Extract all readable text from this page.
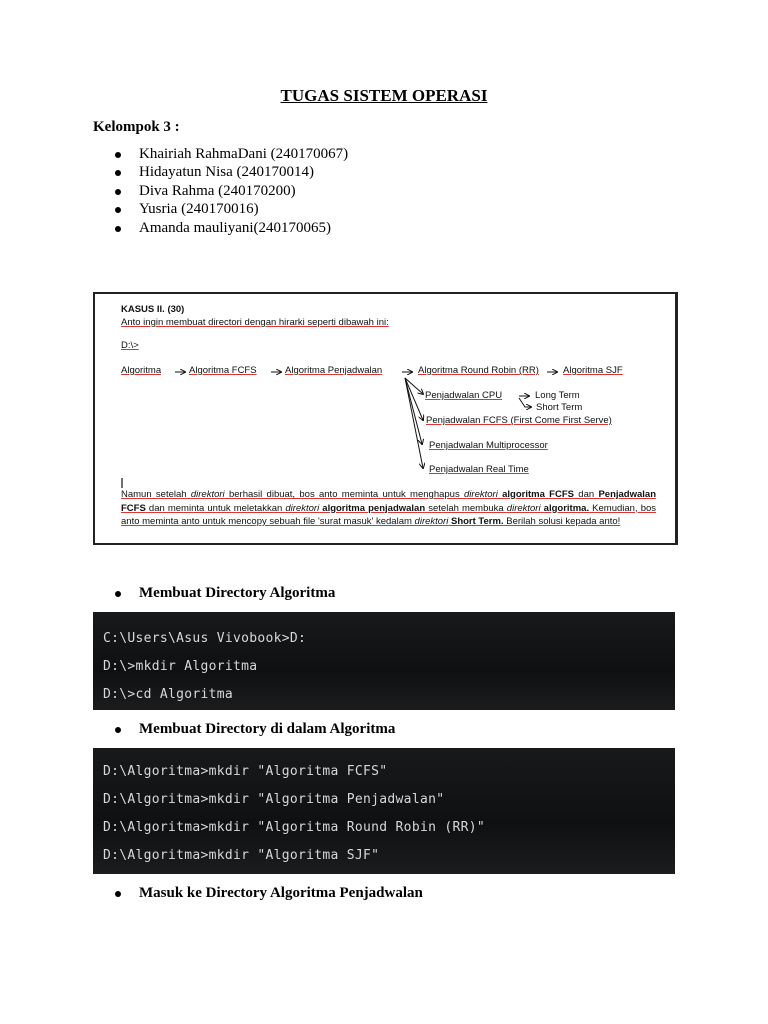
TUGAS SISTEM OPERASI
Kelompok 3 :
Khairiah RahmaDani (240170067)
Hidayatun Nisa (240170014)
Diva Rahma (240170200)
Yusria (240170016)
Amanda mauliyani(240170065)
KASUS II. (30)
Anto ingin membuat directori dengan hirarki seperti dibawah ini:
D:\>
Algoritma	Algoritma FCFS	Algoritma Penjadwalan	Algoritma Round Robin (RR)	Algoritma SJF
Penjadwalan CPU	Long Term
Short Term
Penjadwalan FCFS (First Come First Serve)
Penjadwalan Multiprocessor
Penjadwalan Real Time
Namun setelah direktori berhasil dibuat, bos anto meminta untuk menghapus direktori algoritma FCFS dan Penjadwalan FCFS dan meminta untuk meletakkan direktori algoritma penjadwalan setelah membuka direktori algoritma. Kemudian, bos anto meminta anto untuk mencopy sebuah file 'surat masuk' kedalam direktori Short Term. Berilah solusi kepada anto!
Membuat Directory Algoritma
C:\Users\Asus Vivobook>D:
D:\>mkdir Algoritma
D:\>cd Algoritma
Membuat Directory di dalam Algoritma
D:\Algoritma>mkdir "Algoritma FCFS"
D:\Algoritma>mkdir "Algoritma Penjadwalan"
D:\Algoritma>mkdir "Algoritma Round Robin (RR)"
D:\Algoritma>mkdir "Algoritma SJF"
Masuk ke Directory Algoritma Penjadwalan
